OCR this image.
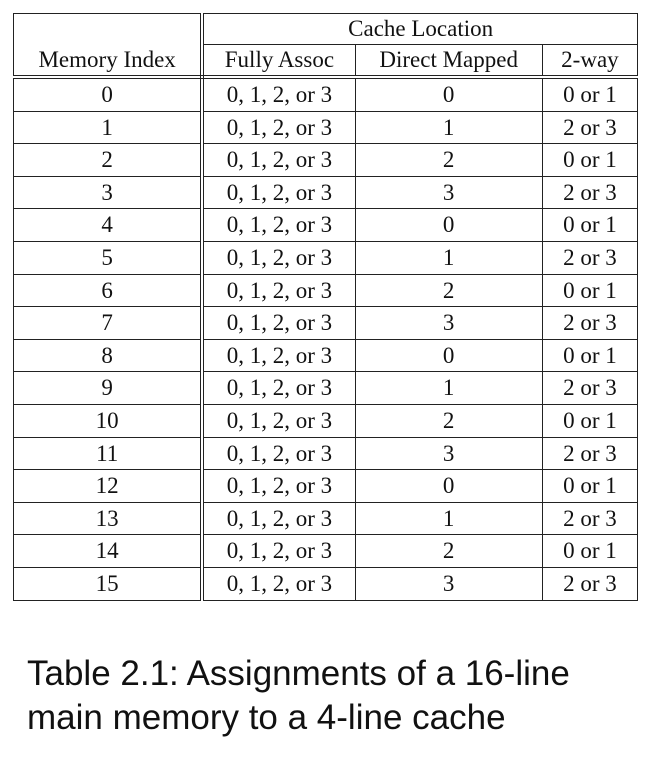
	Cache Location		
Memory Index	Fully Assoc	Direct Mapped	2-way
0	0, 1, 2, or 3	0	0 or 1
1	0, 1, 2, or 3	1	2 or 3
2	0, 1, 2, or 3	2	0 or 1
3	0, 1, 2, or 3	3	2 or 3
4	0, 1, 2, or 3	0	0 or 1
5	0, 1, 2, or 3	1	2 or 3
6	0, 1, 2, or 3	2	0 or 1
7	0, 1, 2, or 3	3	2 or 3
8	0, 1, 2, or 3	0	0 or 1
9	0, 1, 2, or 3	1	2 or 3
10	0, 1, 2, or 3	2	0 or 1
11	0, 1, 2, or 3	3	2 or 3
12	0, 1, 2, or 3	0	0 or 1
13	0, 1, 2, or 3	1	2 or 3
14	0, 1, 2, or 3	2	0 or 1
15	0, 1, 2, or 3	3	2 or 3
Table 2.1: Assignments of a 16-line main memory to a 4-line cache
